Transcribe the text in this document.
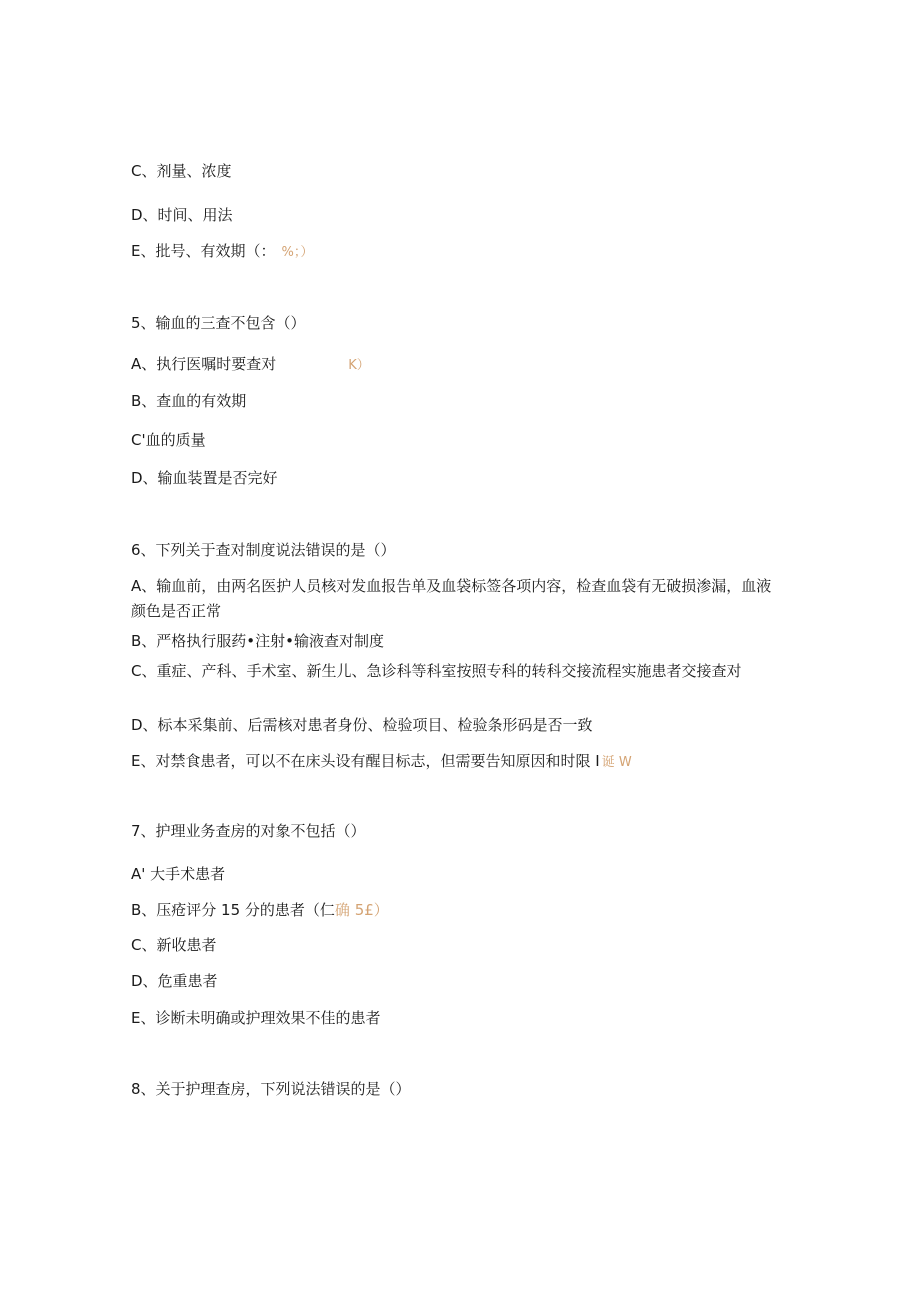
C、剂量、浓度
D、时间、用法
E、批号、有效期（： %；）
5、输血的三查不包含（）
A、执行医嘱时要查对	K）
B、查血的有效期
C'血的质量
D、输血装置是否完好
6、下列关于查对制度说法错误的是（）
A、输血前，由两名医护人员核对发血报告单及血袋标签各项内容，检查血袋有无破损渗漏，血液颜色是否正常
B、严格执行服药•注射•输液查对制度
C、重症、产科、手术室、新生儿、急诊科等科室按照专科的转科交接流程实施患者交接查对
D、标本采集前、后需核对患者身份、检验项目、检验条形码是否一致
E、对禁食患者，可以不在床头设有醒目标志，但需要告知原因和时限 I 诞 W
7、护理业务查房的对象不包括（）
A' 大手术患者
B、压疮评分 15 分的患者（仁确 5£）
C、新收患者
D、危重患者
E、诊断未明确或护理效果不佳的患者
8、关于护理查房，下列说法错误的是（）
